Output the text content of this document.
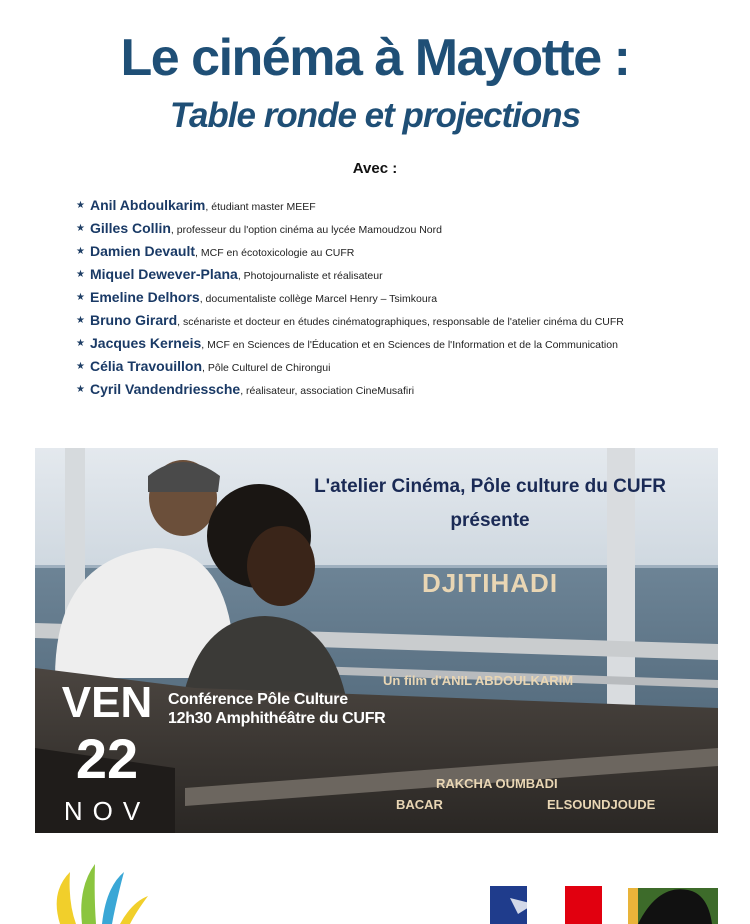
Le cinéma à Mayotte :
Table ronde et projections
Avec :
★ Anil Abdoulkarim, étudiant master MEEF
★ Gilles Collin, professeur du l'option cinéma au lycée Mamoudzou Nord
★ Damien Devault, MCF en écotoxicologie au CUFR
★ Miquel Dewever-Plana, Photojournaliste et réalisateur
★ Emeline Delhors, documentaliste collège Marcel Henry – Tsimkoura
★ Bruno Girard, scénariste et docteur en études cinématographiques, responsable de l'atelier cinéma du CUFR
★ Jacques Kerneis, MCF en Sciences de l'Éducation et en Sciences de l'Information et de la Communication
★ Célia Travouillon, Pôle Culturel de Chirongui
★ Cyril Vandendriessche, réalisateur, association CineMusafiri
L'atelier Cinéma, Pôle culture du CUFR
présente
DJITIHADI
Un film d'ANIL ABDOULKARIM
RAKCHA OUMBADI
BACAR	ELSOUNDJOUDE
VEN
22
NOV
Conférence Pôle Culture
12h30 Amphithéâtre du CUFR
